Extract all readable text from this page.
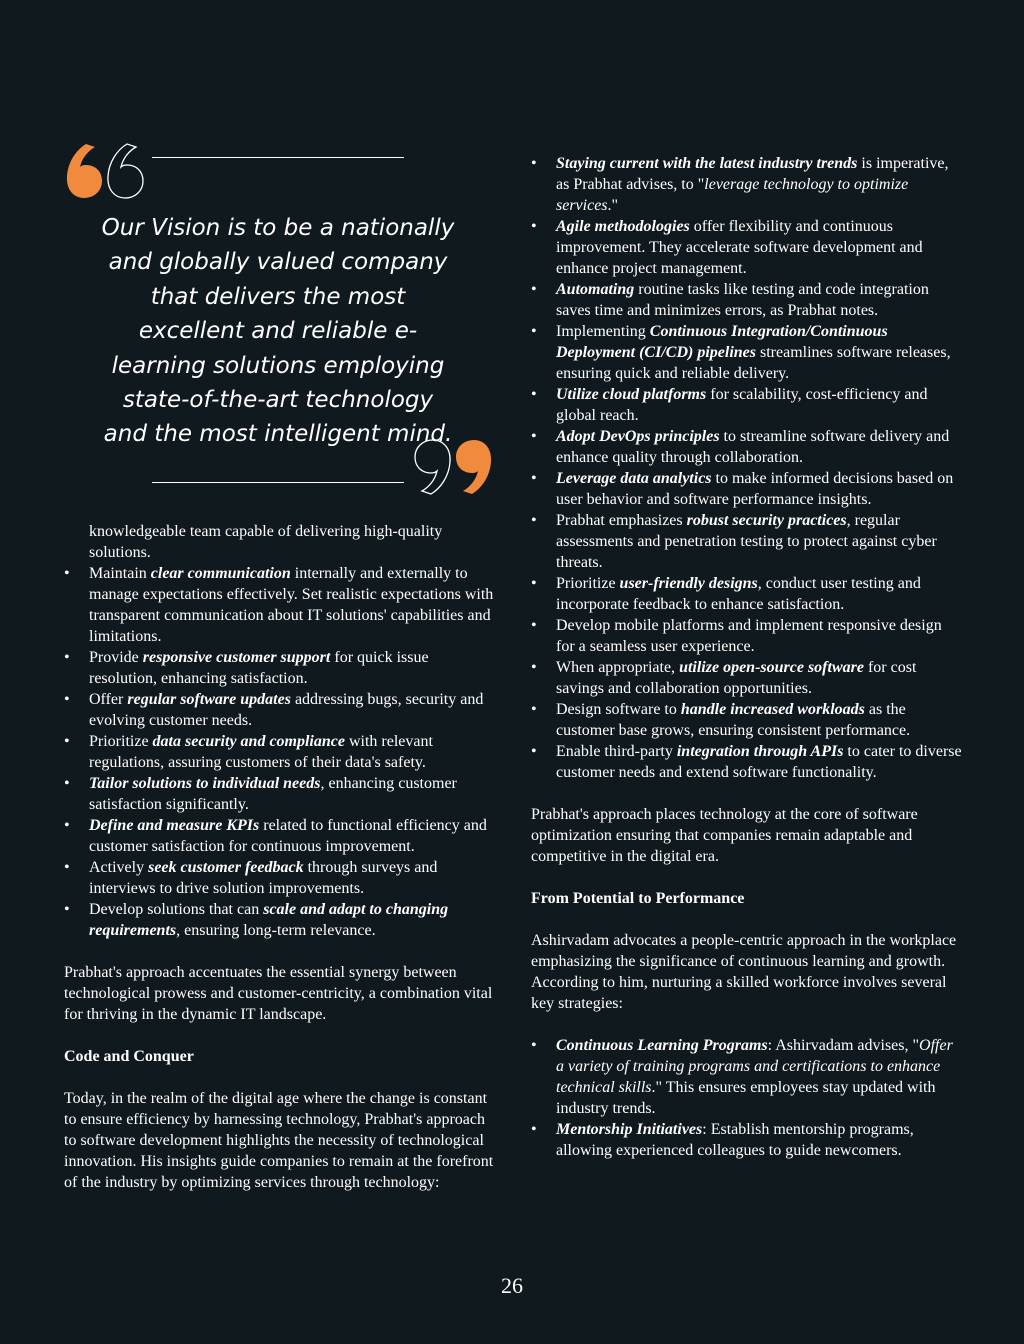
Our Vision is to be a nationally and globally valued company that delivers the most excellent and reliable e-learning solutions employing state-of-the-art technology and the most intelligent mind.

knowledgeable team capable of delivering high-quality solutions.

• Maintain clear communication internally and externally to manage expectations effectively. Set realistic expectations with transparent communication about IT solutions' capabilities and limitations.
• Provide responsive customer support for quick issue resolution, enhancing satisfaction.
• Offer regular software updates addressing bugs, security and evolving customer needs.
• Prioritize data security and compliance with relevant regulations, assuring customers of their data's safety.
• Tailor solutions to individual needs, enhancing customer satisfaction significantly.
• Define and measure KPIs related to functional efficiency and customer satisfaction for continuous improvement.
• Actively seek customer feedback through surveys and interviews to drive solution improvements.
• Develop solutions that can scale and adapt to changing requirements, ensuring long-term relevance.

Prabhat's approach accentuates the essential synergy between technological prowess and customer-centricity, a combination vital for thriving in the dynamic IT landscape.

Code and Conquer

Today, in the realm of the digital age where the change is constant to ensure efficiency by harnessing technology, Prabhat's approach to software development highlights the necessity of technological innovation. His insights guide companies to remain at the forefront of the industry by optimizing services through technology:

• Staying current with the latest industry trends is imperative, as Prabhat advises, to "leverage technology to optimize services."
• Agile methodologies offer flexibility and continuous improvement. They accelerate software development and enhance project management.
• Automating routine tasks like testing and code integration saves time and minimizes errors, as Prabhat notes.
• Implementing Continuous Integration/Continuous Deployment (CI/CD) pipelines streamlines software releases, ensuring quick and reliable delivery.
• Utilize cloud platforms for scalability, cost-efficiency and global reach.
• Adopt DevOps principles to streamline software delivery and enhance quality through collaboration.
• Leverage data analytics to make informed decisions based on user behavior and software performance insights.
• Prabhat emphasizes robust security practices, regular assessments and penetration testing to protect against cyber threats.
• Prioritize user-friendly designs, conduct user testing and incorporate feedback to enhance satisfaction.
• Develop mobile platforms and implement responsive design for a seamless user experience.
• When appropriate, utilize open-source software for cost savings and collaboration opportunities.
• Design software to handle increased workloads as the customer base grows, ensuring consistent performance.
• Enable third-party integration through APIs to cater to diverse customer needs and extend software functionality.

Prabhat's approach places technology at the core of software optimization ensuring that companies remain adaptable and competitive in the digital era.

From Potential to Performance

Ashirvadam advocates a people-centric approach in the workplace emphasizing the significance of continuous learning and growth. According to him, nurturing a skilled workforce involves several key strategies:

• Continuous Learning Programs: Ashirvadam advises, "Offer a variety of training programs and certifications to enhance technical skills." This ensures employees stay updated with industry trends.
• Mentorship Initiatives: Establish mentorship programs, allowing experienced colleagues to guide newcomers.
26
